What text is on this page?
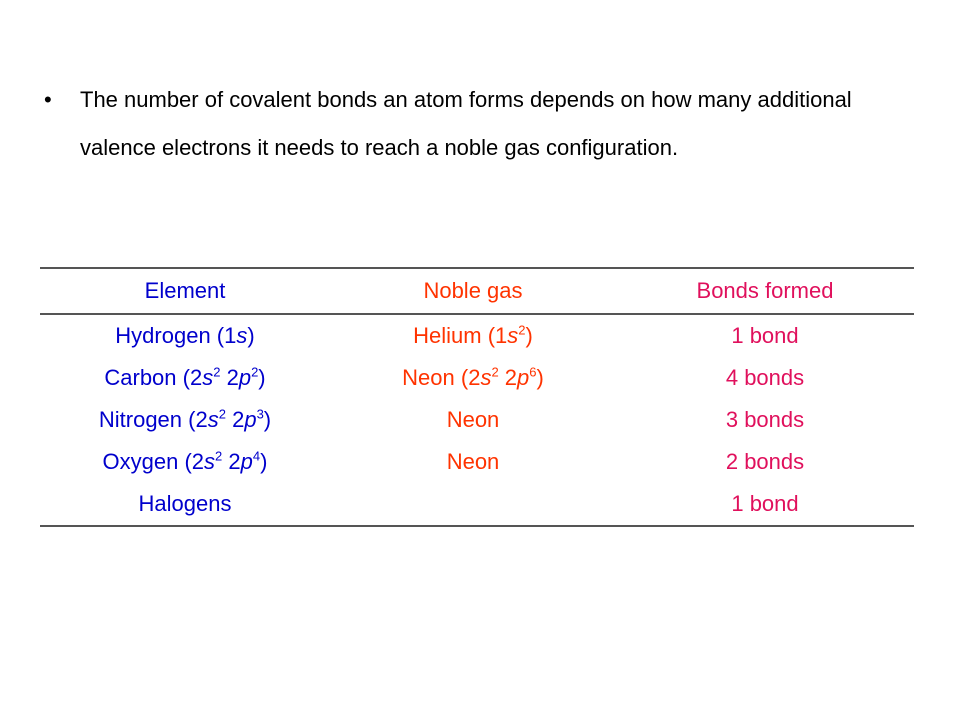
• The number of covalent bonds an atom forms depends on how many additional valence electrons it needs to reach a noble gas configuration.
Element	Noble gas	Bonds formed
Hydrogen (1s)	Helium $(1s^2)$	1 bond
Carbon ($2s^2$ $2p^2$)	Neon ($2s^2$ $2p^6$)	4 bonds
Nitrogen ($2s^2$ $2p^3$)	Neon	3 bonds
Oxygen ($2s^2$ $2p^4$)	Neon	2 bonds
Halogens		1 bond
